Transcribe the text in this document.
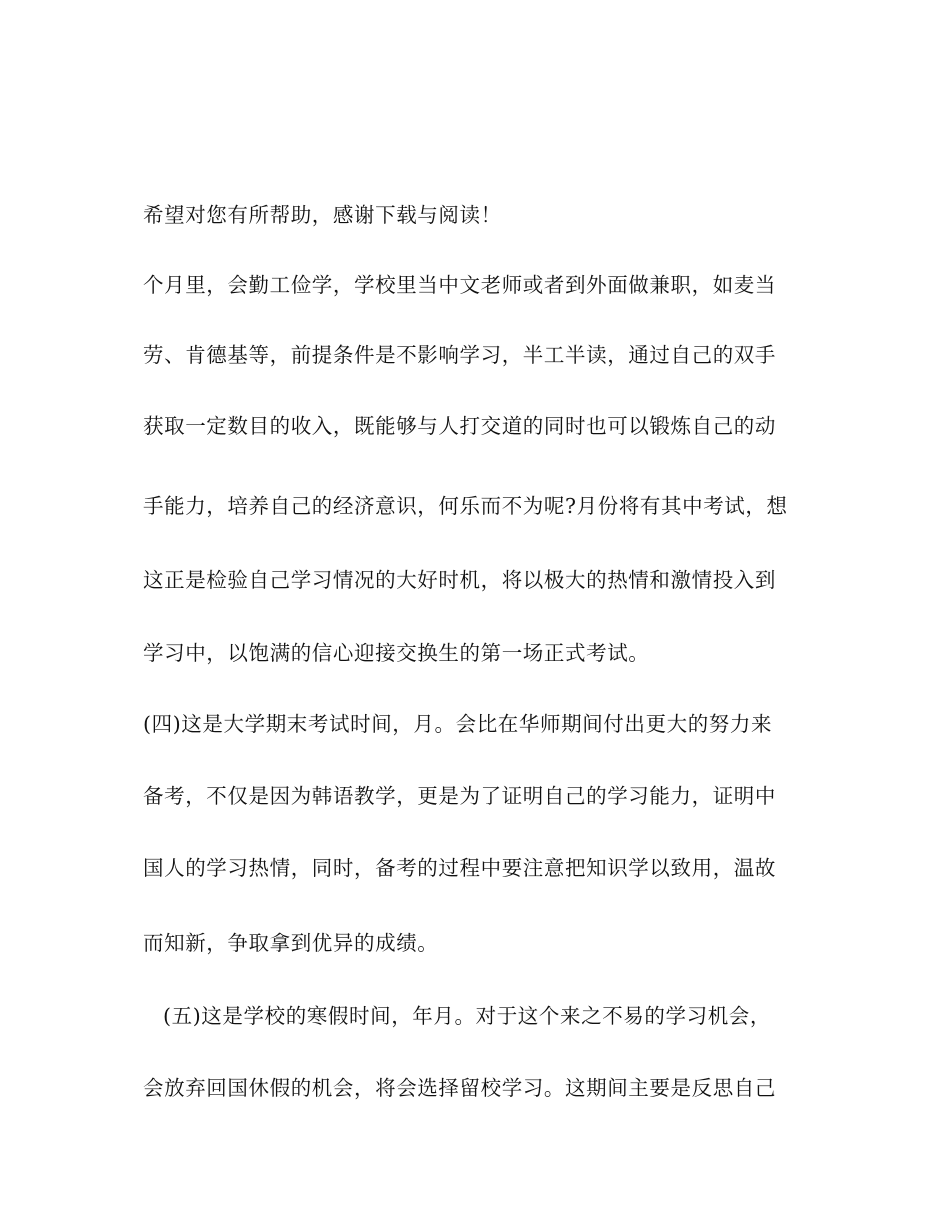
希望对您有所帮助，感谢下载与阅读！
个月里，会勤工俭学，学校里当中文老师或者到外面做兼职，如麦当
劳、肯德基等，前提条件是不影响学习，半工半读，通过自己的双手
获取一定数目的收入，既能够与人打交道的同时也可以锻炼自己的动
手能力，培养自己的经济意识，何乐而不为呢?月份将有其中考试，想
这正是检验自己学习情况的大好时机，将以极大的热情和激情投入到
学习中，以饱满的信心迎接交换生的第一场正式考试。
(四)这是大学期末考试时间，月。会比在华师期间付出更大的努力来
备考，不仅是因为韩语教学，更是为了证明自己的学习能力，证明中
国人的学习热情，同时，备考的过程中要注意把知识学以致用，温故
而知新，争取拿到优异的成绩。
(五)这是学校的寒假时间，年月。对于这个来之不易的学习机会，
会放弃回国休假的机会，将会选择留校学习。这期间主要是反思自己
